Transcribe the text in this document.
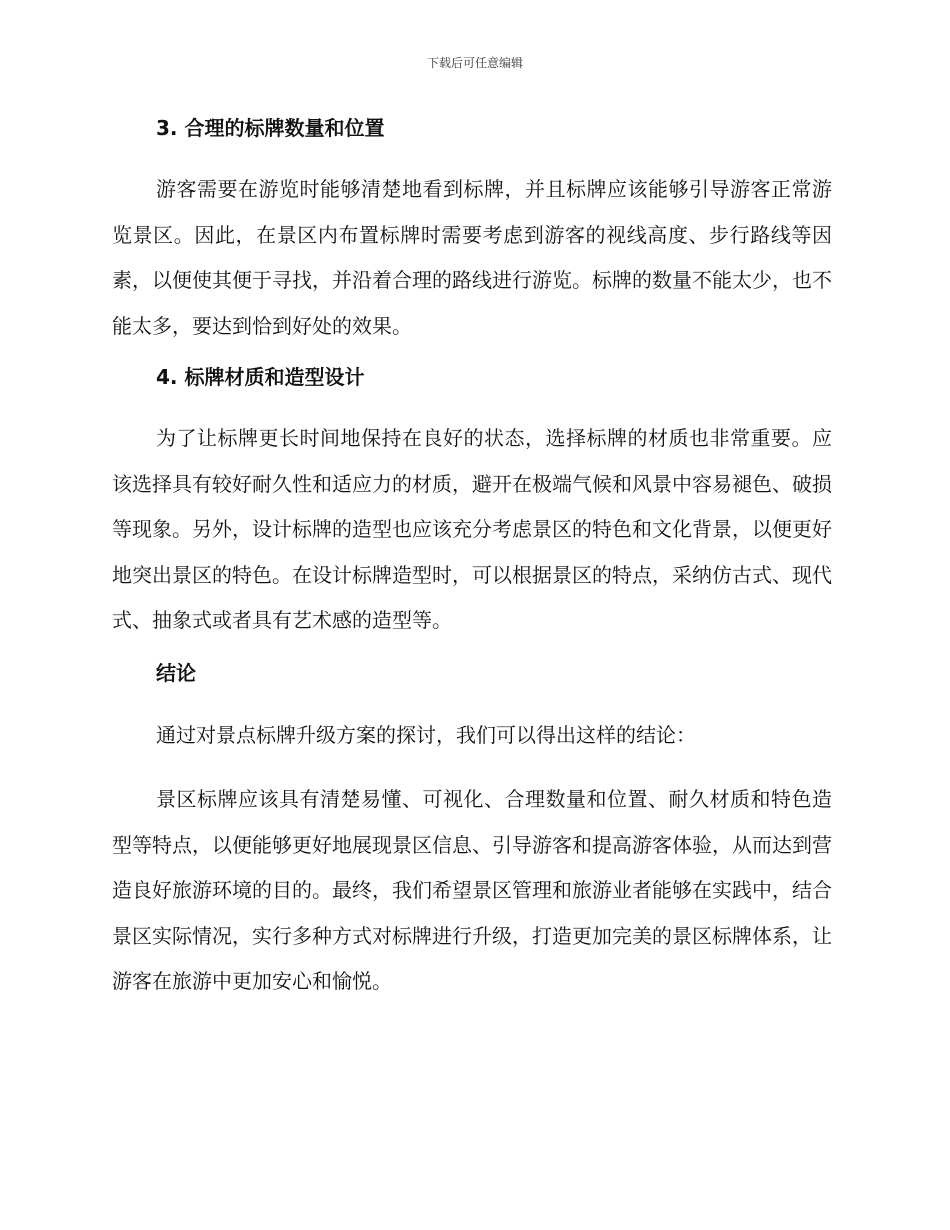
下载后可任意编辑
3. 合理的标牌数量和位置

游客需要在游览时能够清楚地看到标牌，并且标牌应该能够引导游客正常游览景区。因此，在景区内布置标牌时需要考虑到游客的视线高度、步行路线等因素，以便使其便于寻找，并沿着合理的路线进行游览。标牌的数量不能太少，也不能太多，要达到恰到好处的效果。

4. 标牌材质和造型设计

为了让标牌更长时间地保持在良好的状态，选择标牌的材质也非常重要。应该选择具有较好耐久性和适应力的材质，避开在极端气候和风景中容易褪色、破损等现象。另外，设计标牌的造型也应该充分考虑景区的特色和文化背景，以便更好地突出景区的特色。在设计标牌造型时，可以根据景区的特点，采纳仿古式、现代式、抽象式或者具有艺术感的造型等。

结论

通过对景点标牌升级方案的探讨，我们可以得出这样的结论：

景区标牌应该具有清楚易懂、可视化、合理数量和位置、耐久材质和特色造型等特点，以便能够更好地展现景区信息、引导游客和提高游客体验，从而达到营造良好旅游环境的目的。最终，我们希望景区管理和旅游业者能够在实践中，结合景区实际情况，实行多种方式对标牌进行升级，打造更加完美的景区标牌体系，让游客在旅游中更加安心和愉悦。
